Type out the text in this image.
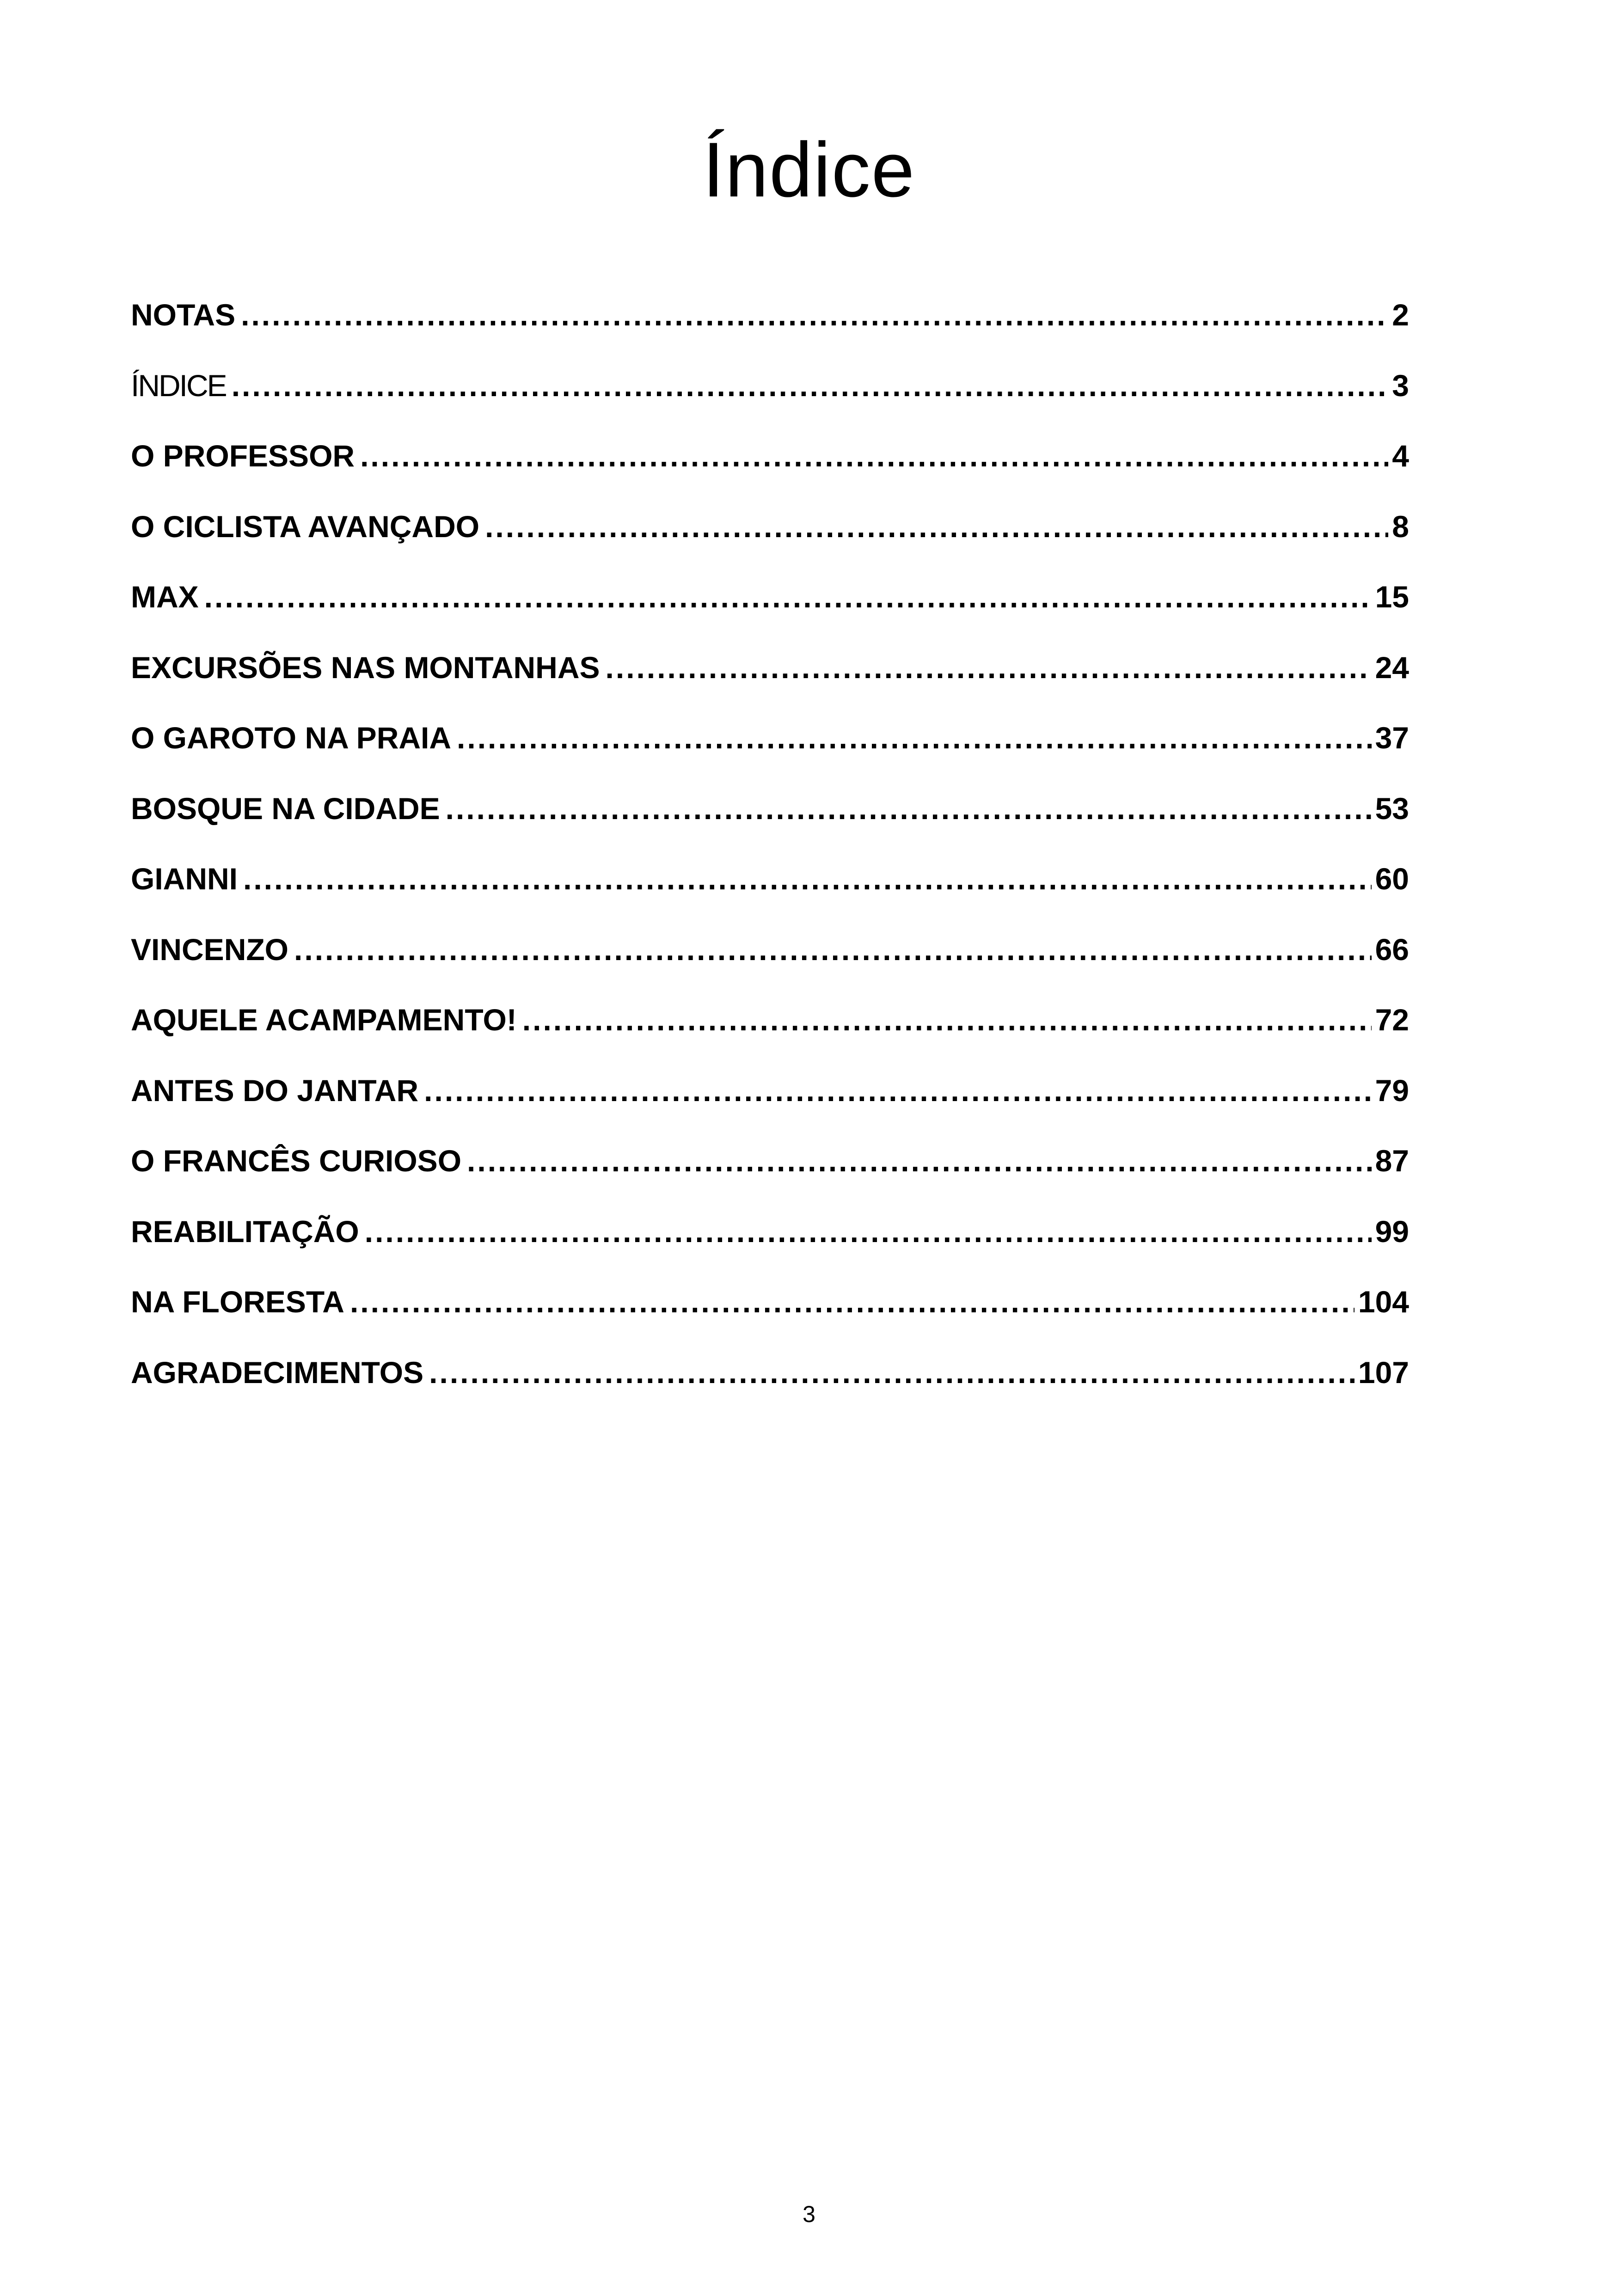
Índice
NOTAS .....	2
ÍNDICE .....	3
O PROFESSOR .....	4
O CICLISTA AVANÇADO .....	8
MAX .....	15
EXCURSÕES NAS MONTANHAS .....	24
O GAROTO NA PRAIA .....	37
BOSQUE NA CIDADE .....	53
GIANNI .....	60
VINCENZO .....	66
AQUELE ACAMPAMENTO! .....	72
ANTES DO JANTAR .....	79
O FRANCÊS CURIOSO .....	87
REABILITAÇÃO .....	99
NA FLORESTA .....	104
AGRADECIMENTOS .....	107
3
